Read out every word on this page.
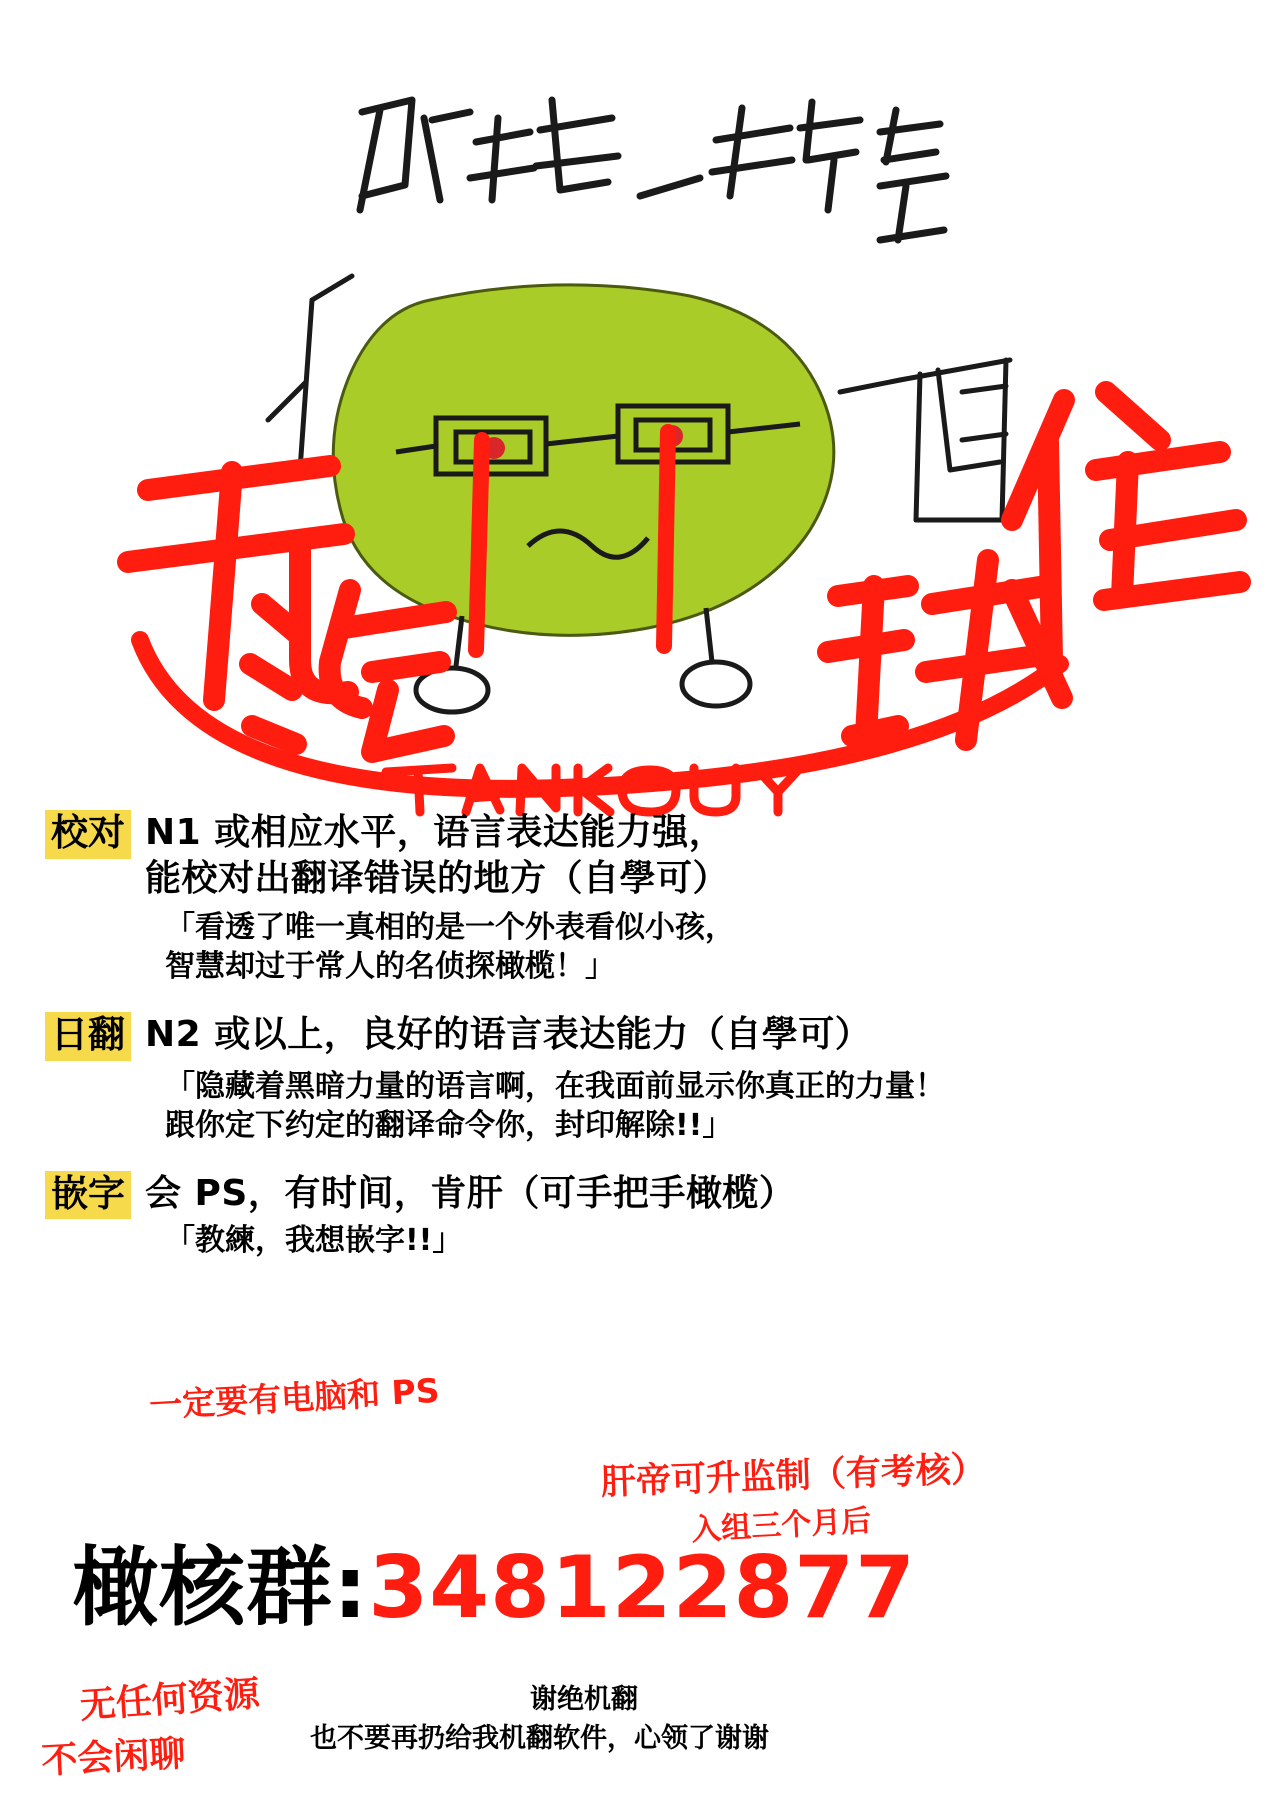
校对 N1 或相应水平，语言表达能力强，
能校对出翻译错误的地方（自學可）
「看透了唯一真相的是一个外表看似小孩，
智慧却过于常人的名侦探橄榄！」
日翻 N2 或以上，良好的语言表达能力（自學可）
「隐藏着黑暗力量的语言啊，在我面前显示你真正的力量！
跟你定下约定的翻译命令你，封印解除!!」
嵌字 会 PS，有时间，肯肝（可手把手橄榄）
「教練，我想嵌字!!」
一定要有电脑和 PS
肝帝可升监制（有考核）
入组三个月后
无任何资源
不会闲聊
橄核群:348122877
谢绝机翻
也不要再扔给我机翻软件，心领了谢谢
